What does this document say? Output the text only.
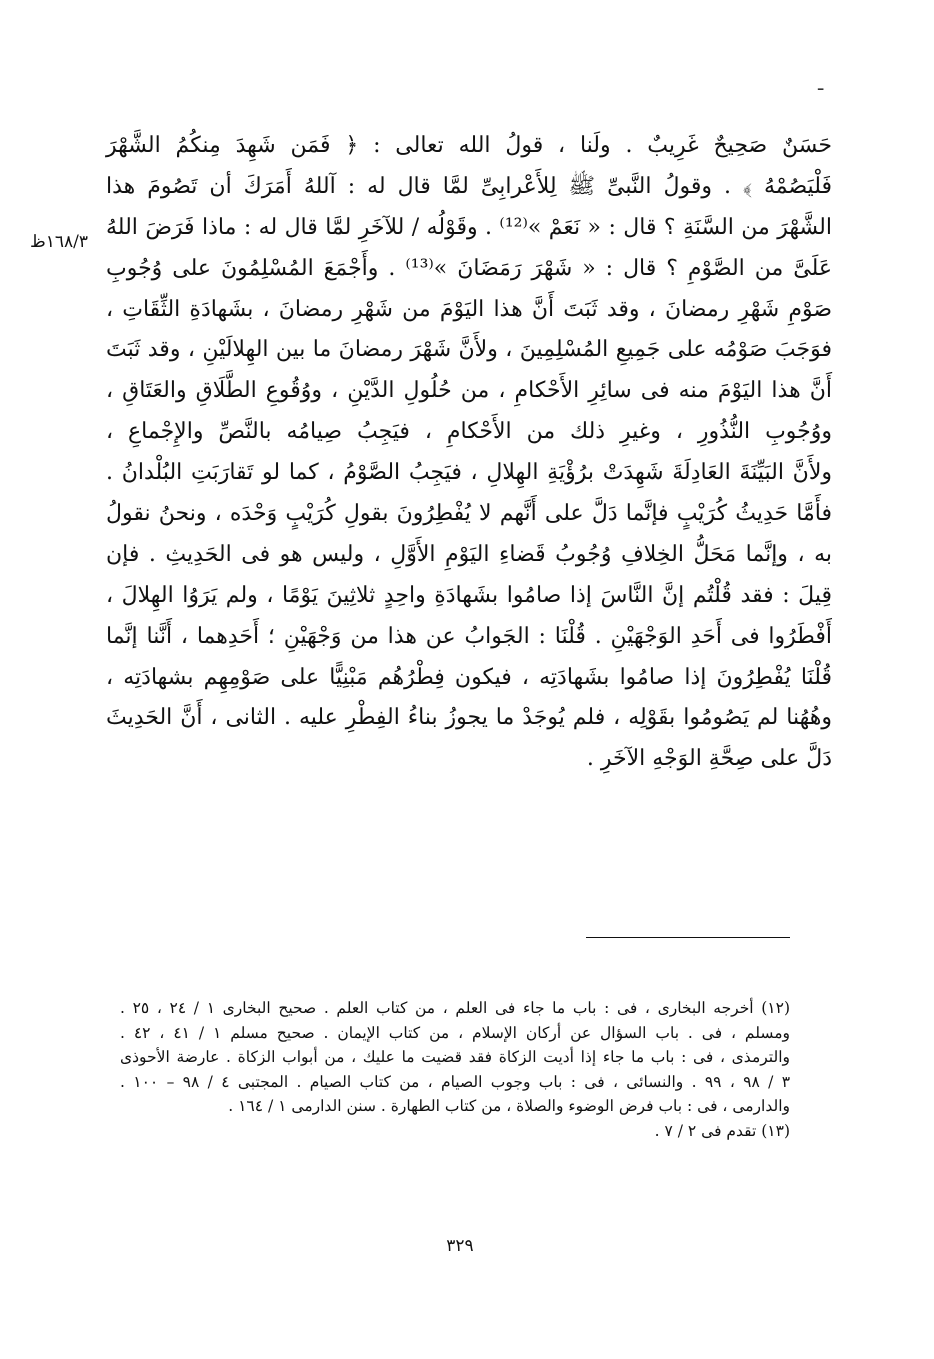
ـ
حَسَنٌ صَحِيحٌ غَرِيبٌ . ولَنا ، قولُ الله تعالى : ﴿ فَمَن شَهِدَ مِنكُمُ الشَّهْرَ
فَلْيَصُمْهُ ﴾ . وقولُ النَّبىِّ ﷺ لِلأَعْرابِىِّ لمَّا قال له : آللهُ أَمَرَكَ أن تَصُومَ هذا
الشَّهْرَ من السَّنَةِ ؟ قال : « نَعَمْ »⁽¹²⁾ . وقَوْلُه / للآخَرِ لمَّا قال له : ماذا فَرَضَ اللهُ
عَلَىَّ من الصَّوْمِ ؟ قال : « شَهْرَ رَمَضَانَ »⁽¹³⁾ . وأَجْمَعَ المُسْلِمُونَ على وُجُوبِ
صَوْمِ شَهْرِ رمضانَ ، وقد ثَبَتَ أَنَّ هذا اليَوْمَ من شَهْرِ رمضانَ ، بشَهادَةِ الثِّقَاتِ ،
فوَجَبَ صَوْمُه على جَمِيعِ المُسْلِمِينَ ، ولأَنَّ شَهْرَ رمضانَ ما بين الهِلالَيْنِ ، وقد ثَبَتَ
أَنَّ هذا اليَوْمَ منه فى سائِرِ الأَحْكامِ ، من حُلُولِ الدَّيْنِ ، ووُقُوعِ الطَّلَاقِ والعَتَاقِ ،
ووُجُوبِ النُّذُورِ ، وغيرِ ذلك من الأَحْكامِ ، فيَجِبُ صِيامُه بالنَّصِّ والإِجْماعِ ،
ولأَنَّ البَيِّنَةَ العَادِلَةَ شَهِدَتْ برُؤْيَةِ الهِلالِ ، فيَجِبُ الصَّوْمُ ، كما لو تَقارَبَتِ البُلْدانُ .
فأَمَّا حَدِيثُ كُرَيْبٍ فإنَّما دَلَّ على أَنَّهم لا يُفْطِرُونَ بقولِ كُرَيْبٍ وَحْدَه ، ونحنُ نقولُ
به ، وإنَّما مَحَلُّ الخِلافِ وُجُوبُ قَضاءِ اليَوْمِ الأَوَّلِ ، وليس هو فى الحَدِيثِ . فإن
قِيلَ : فقد قُلْتُم إنَّ النَّاسَ إذا صامُوا بشَهادَةِ واحِدٍ ثلاثِينَ يَوْمًا ، ولم يَرَوُا الهِلالَ ،
أَفْطَرُوا فى أَحَدِ الوَجْهَيْنِ . قُلْنَا : الجَوابُ عن هذا من وَجْهَيْنِ ؛ أَحَدِهما ، أَنَّنا إنَّما
قُلْنَا يُفْطِرُونَ إذا صامُوا بشَهادَتِه ، فيكون فِطْرُهُم مَبْنِيًّا على صَوْمِهِم بشهادَتِه ،
وهُهُنا لم يَصُومُوا بقَوْلِه ، فلم يُوجَدْ ما يجوزُ بناءُ الفِطْرِ عليه . الثانى ، أَنَّ الحَدِيثَ
دَلَّ على صِحَّةِ الوَجْهِ الآخَرِ .
١٦٨/٣ظ
(١٢) أخرجه البخارى ، فى : باب ما جاء فى العلم ، من كتاب العلم . صحيح البخارى ١ / ٢٤ ، ٢٥ .
ومسلم ، فى . باب السؤال عن أركان الإسلام ، من كتاب الإيمان . صحيح مسلم ١ / ٤١ ، ٤٢ .
والترمذى ، فى : باب ما جاء إذا أديت الزكاة فقد قضيت ما عليك ، من أبواب الزكاة . عارضة الأحوذى
٣ / ٩٨ ، ٩٩ . والنسائى ، فى : باب وجوب الصيام ، من كتاب الصيام . المجتبى ٤ / ٩٨ – ١٠٠ .
والدارمى ، فى : باب فرض الوضوء والصلاة ، من كتاب الطهارة . سنن الدارمى ١ / ١٦٤ .
(١٣) تقدم فى ٢ / ٧ .
٣٢٩
